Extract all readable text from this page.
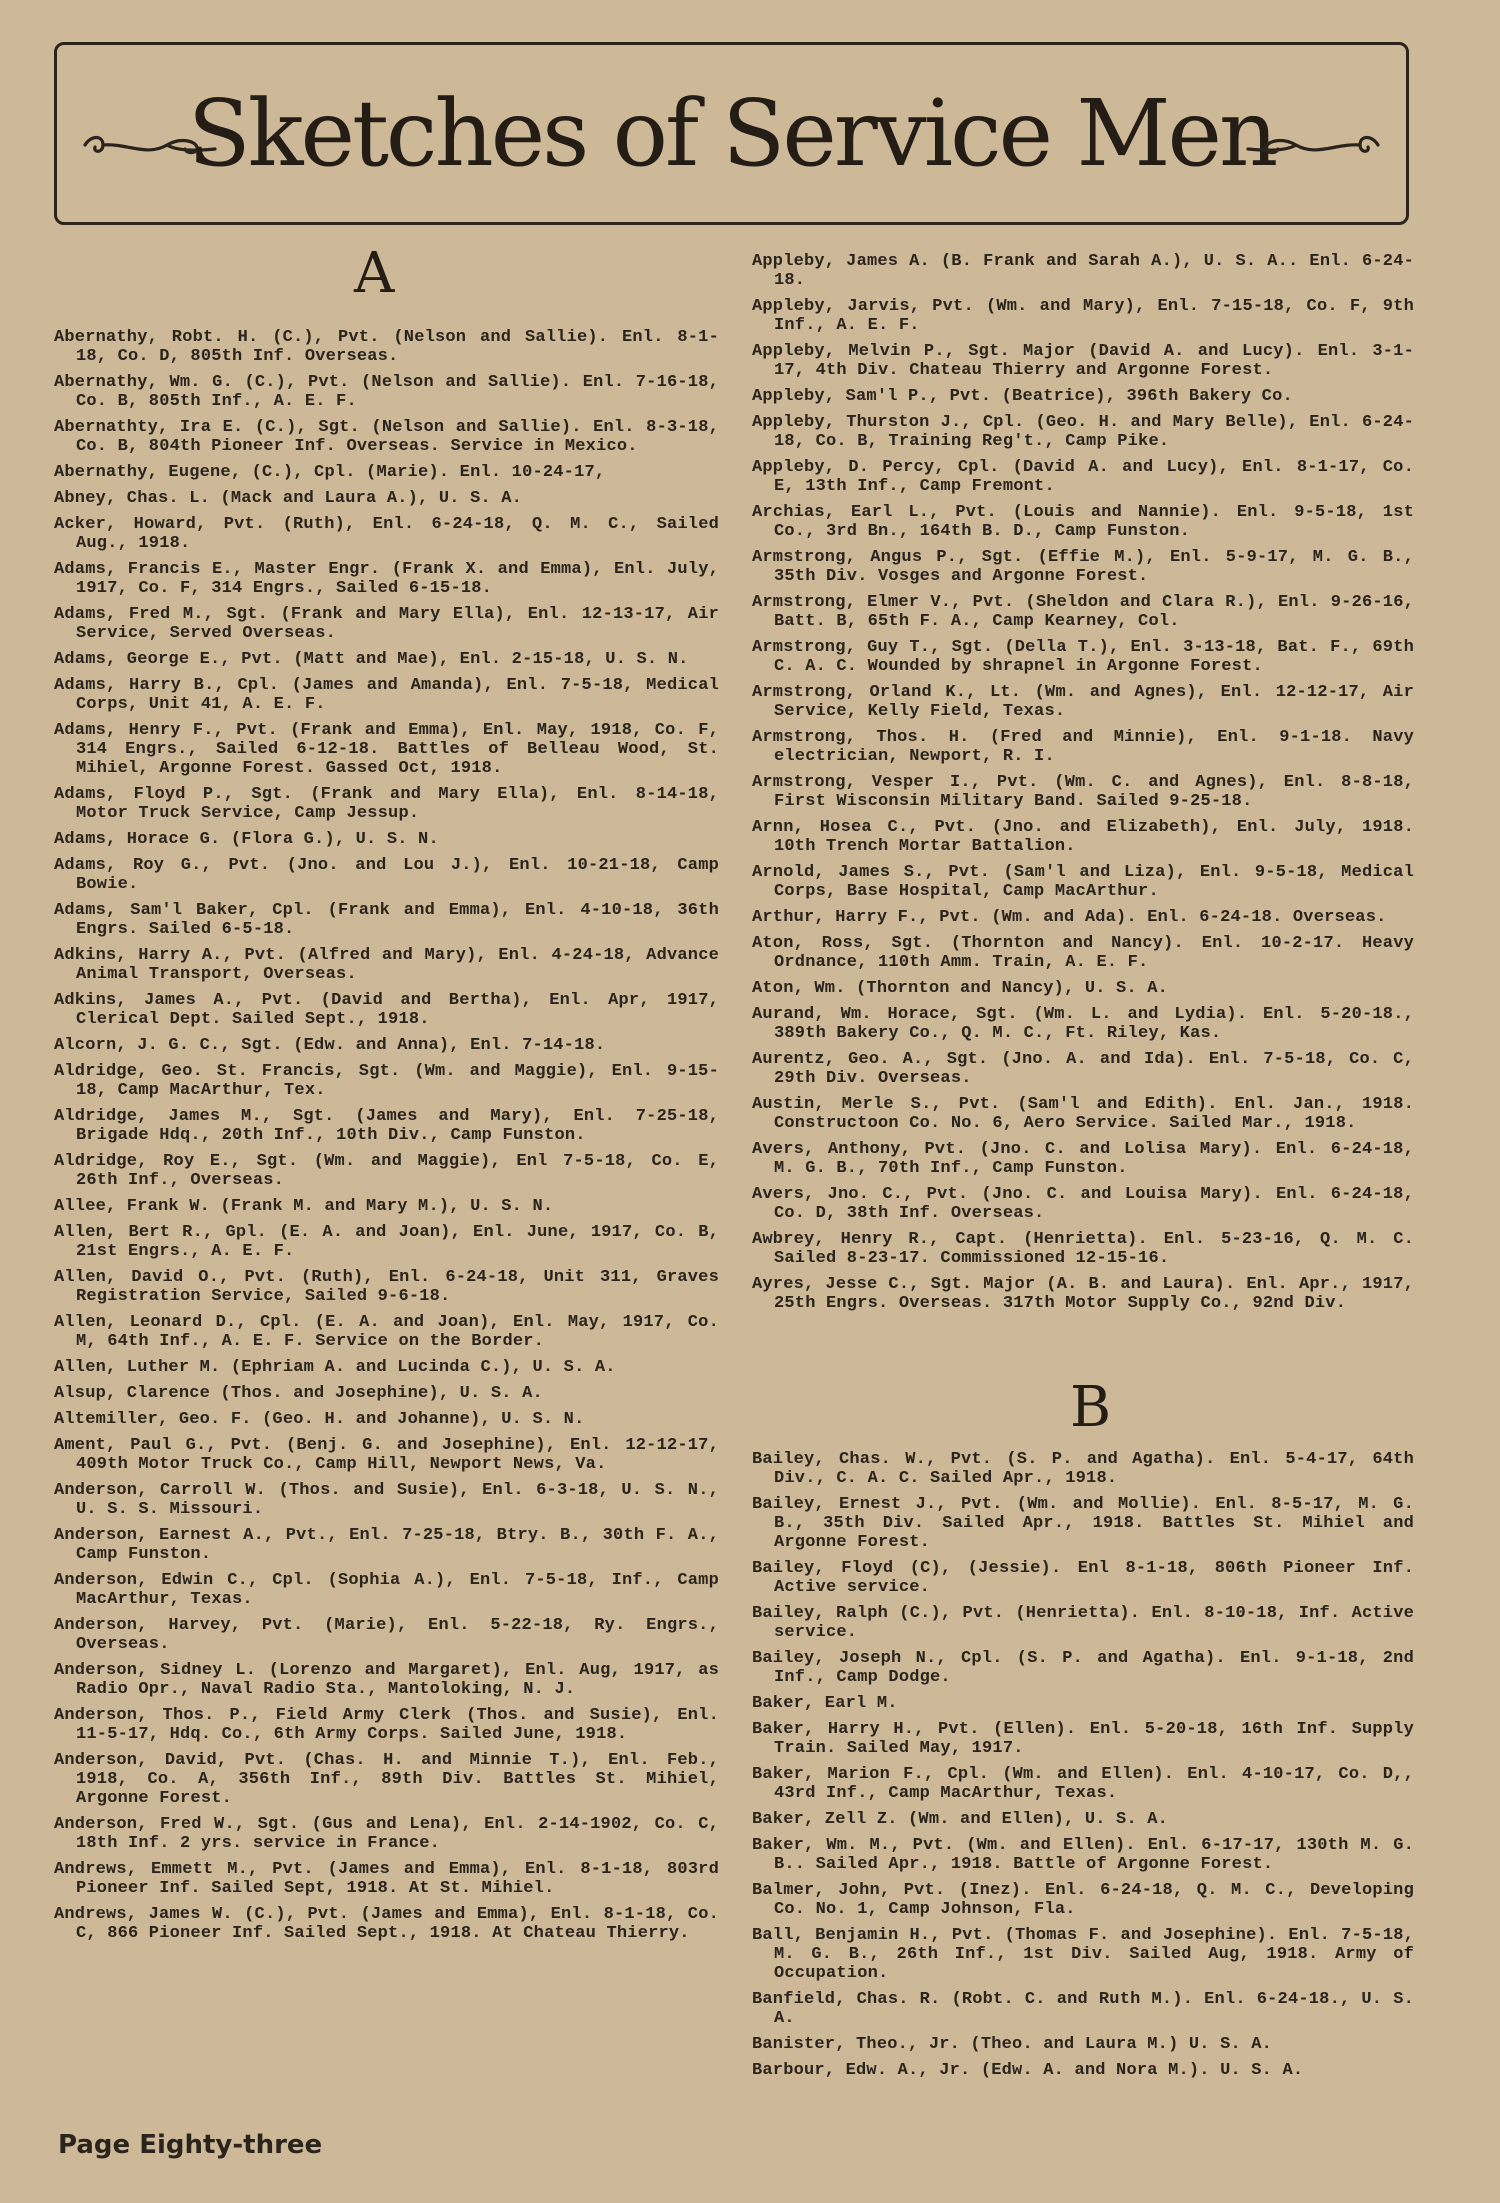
Sketches of Service Men
A

Abernathy, Robt. H. (C.), Pvt. (Nelson and Sallie). Enl. 8-1-18, Co. D, 805th Inf. Overseas.

Abernathy, Wm. G. (C.), Pvt. (Nelson and Sallie). Enl. 7-16-18, Co. B, 805th Inf., A. E. F.

Abernathty, Ira E. (C.), Sgt. (Nelson and Sallie). Enl. 8-3-18, Co. B, 804th Pioneer Inf. Overseas. Service in Mexico.

Abernathy, Eugene, (C.), Cpl. (Marie). Enl. 10-24-17,

Abney, Chas. L. (Mack and Laura A.), U. S. A.

Acker, Howard, Pvt. (Ruth), Enl. 6-24-18, Q. M. C., Sailed Aug., 1918.

Adams, Francis E., Master Engr. (Frank X. and Emma), Enl. July, 1917, Co. F, 314 Engrs., Sailed 6-15-18.

Adams, Fred M., Sgt. (Frank and Mary Ella), Enl. 12-13-17, Air Service, Served Overseas.

Adams, George E., Pvt. (Matt and Mae), Enl. 2-15-18, U. S. N.

Adams, Harry B., Cpl. (James and Amanda), Enl. 7-5-18, Medical Corps, Unit 41, A. E. F.

Adams, Henry F., Pvt. (Frank and Emma), Enl. May, 1918, Co. F, 314 Engrs., Sailed 6-12-18. Battles of Belleau Wood, St. Mihiel, Argonne Forest. Gassed Oct, 1918.

Adams, Floyd P., Sgt. (Frank and Mary Ella), Enl. 8-14-18, Motor Truck Service, Camp Jessup.

Adams, Horace G. (Flora G.), U. S. N.

Adams, Roy G., Pvt. (Jno. and Lou J.), Enl. 10-21-18, Camp Bowie.

Adams, Sam'l Baker, Cpl. (Frank and Emma), Enl. 4-10-18, 36th Engrs. Sailed 6-5-18.

Adkins, Harry A., Pvt. (Alfred and Mary), Enl. 4-24-18, Advance Animal Transport, Overseas.

Adkins, James A., Pvt. (David and Bertha), Enl. Apr, 1917, Clerical Dept. Sailed Sept., 1918.

Alcorn, J. G. C., Sgt. (Edw. and Anna), Enl. 7-14-18.

Aldridge, Geo. St. Francis, Sgt. (Wm. and Maggie), Enl. 9-15-18, Camp MacArthur, Tex.

Aldridge, James M., Sgt. (James and Mary), Enl. 7-25-18, Brigade Hdq., 20th Inf., 10th Div., Camp Funston.

Aldridge, Roy E., Sgt. (Wm. and Maggie), Enl 7-5-18, Co. E, 26th Inf., Overseas.

Allee, Frank W. (Frank M. and Mary M.), U. S. N.

Allen, Bert R., Gpl. (E. A. and Joan), Enl. June, 1917, Co. B, 21st Engrs., A. E. F.

Allen, David O., Pvt. (Ruth), Enl. 6-24-18, Unit 311, Graves Registration Service, Sailed 9-6-18.

Allen, Leonard D., Cpl. (E. A. and Joan), Enl. May, 1917, Co. M, 64th Inf., A. E. F. Service on the Border.

Allen, Luther M. (Ephriam A. and Lucinda C.), U. S. A.

Alsup, Clarence (Thos. and Josephine), U. S. A.

Altemiller, Geo. F. (Geo. H. and Johanne), U. S. N.

Ament, Paul G., Pvt. (Benj. G. and Josephine), Enl. 12-12-17, 409th Motor Truck Co., Camp Hill, Newport News, Va.

Anderson, Carroll W. (Thos. and Susie), Enl. 6-3-18, U. S. N., U. S. S. Missouri.

Anderson, Earnest A., Pvt., Enl. 7-25-18, Btry. B., 30th F. A., Camp Funston.

Anderson, Edwin C., Cpl. (Sophia A.), Enl. 7-5-18, Inf., Camp MacArthur, Texas.

Anderson, Harvey, Pvt. (Marie), Enl. 5-22-18, Ry. Engrs., Overseas.

Anderson, Sidney L. (Lorenzo and Margaret), Enl. Aug, 1917, as Radio Opr., Naval Radio Sta., Mantoloking, N. J.

Anderson, Thos. P., Field Army Clerk (Thos. and Susie), Enl. 11-5-17, Hdq. Co., 6th Army Corps. Sailed June, 1918.

Anderson, David, Pvt. (Chas. H. and Minnie T.), Enl. Feb., 1918, Co. A, 356th Inf., 89th Div. Battles St. Mihiel, Argonne Forest.

Anderson, Fred W., Sgt. (Gus and Lena), Enl. 2-14-1902, Co. C, 18th Inf. 2 yrs. service in France.

Andrews, Emmett M., Pvt. (James and Emma), Enl. 8-1-18, 803rd Pioneer Inf. Sailed Sept, 1918. At St. Mihiel.

Andrews, James W. (C.), Pvt. (James and Emma), Enl. 8-1-18, Co. C, 866 Pioneer Inf. Sailed Sept., 1918. At Chateau Thierry.

Appleby, James A. (B. Frank and Sarah A.), U. S. A.. Enl. 6-24-18.

Appleby, Jarvis, Pvt. (Wm. and Mary), Enl. 7-15-18, Co. F, 9th Inf., A. E. F.

Appleby, Melvin P., Sgt. Major (David A. and Lucy). Enl. 3-1-17, 4th Div. Chateau Thierry and Argonne Forest.

Appleby, Sam'l P., Pvt. (Beatrice), 396th Bakery Co.

Appleby, Thurston J., Cpl. (Geo. H. and Mary Belle), Enl. 6-24-18, Co. B, Training Reg't., Camp Pike.

Appleby, D. Percy, Cpl. (David A. and Lucy), Enl. 8-1-17, Co. E, 13th Inf., Camp Fremont.

Archias, Earl L., Pvt. (Louis and Nannie). Enl. 9-5-18, 1st Co., 3rd Bn., 164th B. D., Camp Funston.

Armstrong, Angus P., Sgt. (Effie M.), Enl. 5-9-17, M. G. B., 35th Div. Vosges and Argonne Forest.

Armstrong, Elmer V., Pvt. (Sheldon and Clara R.), Enl. 9-26-16, Batt. B, 65th F. A., Camp Kearney, Col.

Armstrong, Guy T., Sgt. (Della T.), Enl. 3-13-18, Bat. F., 69th C. A. C. Wounded by shrapnel in Argonne Forest.

Armstrong, Orland K., Lt. (Wm. and Agnes), Enl. 12-12-17, Air Service, Kelly Field, Texas.

Armstrong, Thos. H. (Fred and Minnie), Enl. 9-1-18. Navy electrician, Newport, R. I.

Armstrong, Vesper I., Pvt. (Wm. C. and Agnes), Enl. 8-8-18, First Wisconsin Military Band. Sailed 9-25-18.

Arnn, Hosea C., Pvt. (Jno. and Elizabeth), Enl. July, 1918. 10th Trench Mortar Battalion.

Arnold, James S., Pvt. (Sam'l and Liza), Enl. 9-5-18, Medical Corps, Base Hospital, Camp MacArthur.

Arthur, Harry F., Pvt. (Wm. and Ada). Enl. 6-24-18. Overseas.

Aton, Ross, Sgt. (Thornton and Nancy). Enl. 10-2-17. Heavy Ordnance, 110th Amm. Train, A. E. F.

Aton, Wm. (Thornton and Nancy), U. S. A.

Aurand, Wm. Horace, Sgt. (Wm. L. and Lydia). Enl. 5-20-18., 389th Bakery Co., Q. M. C., Ft. Riley, Kas.

Aurentz, Geo. A., Sgt. (Jno. A. and Ida). Enl. 7-5-18, Co. C, 29th Div. Overseas.

Austin, Merle S., Pvt. (Sam'l and Edith). Enl. Jan., 1918. Constructoon Co. No. 6, Aero Service. Sailed Mar., 1918.

Avers, Anthony, Pvt. (Jno. C. and Lolisa Mary). Enl. 6-24-18, M. G. B., 70th Inf., Camp Funston.

Avers, Jno. C., Pvt. (Jno. C. and Louisa Mary). Enl. 6-24-18, Co. D, 38th Inf. Overseas.

Awbrey, Henry R., Capt. (Henrietta). Enl. 5-23-16, Q. M. C. Sailed 8-23-17. Commissioned 12-15-16.

Ayres, Jesse C., Sgt. Major (A. B. and Laura). Enl. Apr., 1917, 25th Engrs. Overseas. 317th Motor Supply Co., 92nd Div.

B

Bailey, Chas. W., Pvt. (S. P. and Agatha). Enl. 5-4-17, 64th Div., C. A. C. Sailed Apr., 1918.

Bailey, Ernest J., Pvt. (Wm. and Mollie). Enl. 8-5-17, M. G. B., 35th Div. Sailed Apr., 1918. Battles St. Mihiel and Argonne Forest.

Bailey, Floyd (C), (Jessie). Enl 8-1-18, 806th Pioneer Inf. Active service.

Bailey, Ralph (C.), Pvt. (Henrietta). Enl. 8-10-18, Inf. Active service.

Bailey, Joseph N., Cpl. (S. P. and Agatha). Enl. 9-1-18, 2nd Inf., Camp Dodge.

Baker, Earl M.

Baker, Harry H., Pvt. (Ellen). Enl. 5-20-18, 16th Inf. Supply Train. Sailed May, 1917.

Baker, Marion F., Cpl. (Wm. and Ellen). Enl. 4-10-17, Co. D,, 43rd Inf., Camp MacArthur, Texas.

Baker, Zell Z. (Wm. and Ellen), U. S. A.

Baker, Wm. M., Pvt. (Wm. and Ellen). Enl. 6-17-17, 130th M. G. B.. Sailed Apr., 1918. Battle of Argonne Forest.

Balmer, John, Pvt. (Inez). Enl. 6-24-18, Q. M. C., Developing Co. No. 1, Camp Johnson, Fla.

Ball, Benjamin H., Pvt. (Thomas F. and Josephine). Enl. 7-5-18, M. G. B., 26th Inf., 1st Div. Sailed Aug, 1918. Army of Occupation.

Banfield, Chas. R. (Robt. C. and Ruth M.). Enl. 6-24-18., U. S. A.

Banister, Theo., Jr. (Theo. and Laura M.) U. S. A.

Barbour, Edw. A., Jr. (Edw. A. and Nora M.). U. S. A.

Page Eighty-three
